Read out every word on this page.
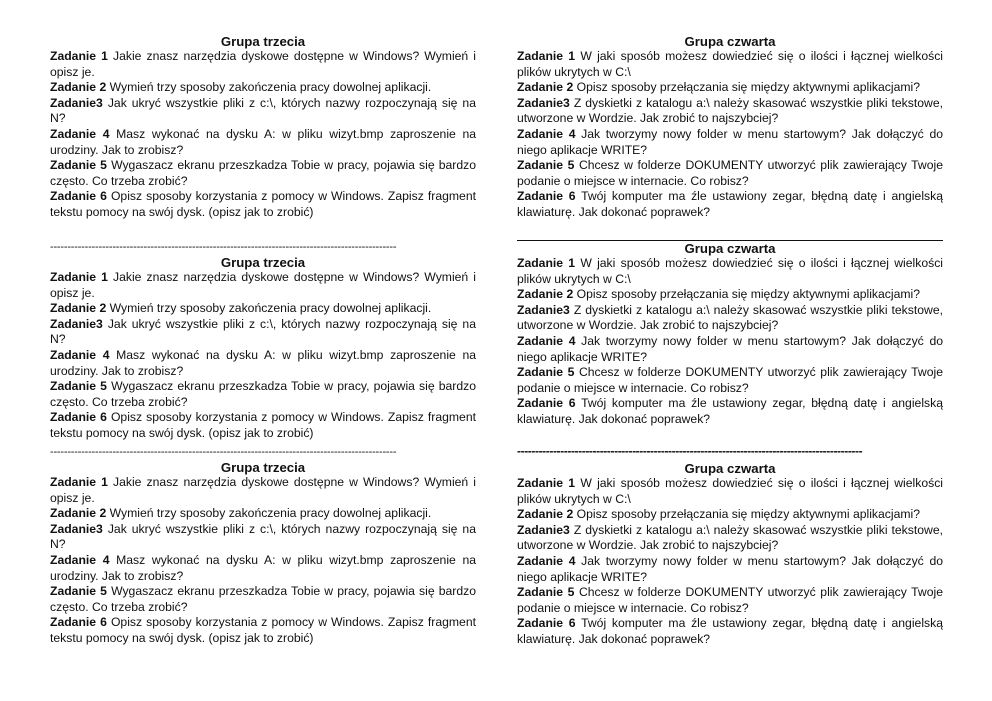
Grupa trzecia

Zadanie 1 Jakie znasz narzędzia dyskowe dostępne w Windows? Wymień i opisz je.

Zadanie 2 Wymień trzy sposoby zakończenia pracy dowolnej aplikacji.

Zadanie3 Jak ukryć wszystkie pliki z c:\, których nazwy rozpoczynają się na N?

Zadanie 4 Masz wykonać na dysku A: w pliku wizyt.bmp zaproszenie na urodziny. Jak to zrobisz?

Zadanie 5 Wygaszacz ekranu przeszkadza Tobie w pracy, pojawia się bardzo często. Co trzeba zrobić?

Zadanie 6 Opisz sposoby korzystania z pomocy w Windows. Zapisz fragment tekstu pomocy na swój dysk. (opisz jak to zrobić)

----------------------------------------------------------------------------------------------------
Grupa trzecia

Zadanie 1 Jakie znasz narzędzia dyskowe dostępne w Windows? Wymień i opisz je.

Zadanie 2 Wymień trzy sposoby zakończenia pracy dowolnej aplikacji.

Zadanie3 Jak ukryć wszystkie pliki z c:\, których nazwy rozpoczynają się na N?

Zadanie 4 Masz wykonać na dysku A: w pliku wizyt.bmp zaproszenie na urodziny. Jak to zrobisz?

Zadanie 5 Wygaszacz ekranu przeszkadza Tobie w pracy, pojawia się bardzo często. Co trzeba zrobić?

Zadanie 6 Opisz sposoby korzystania z pomocy w Windows. Zapisz fragment tekstu pomocy na swój dysk. (opisz jak to zrobić)

----------------------------------------------------------------------------------------------------
Grupa trzecia

Zadanie 1 Jakie znasz narzędzia dyskowe dostępne w Windows? Wymień i opisz je.

Zadanie 2 Wymień trzy sposoby zakończenia pracy dowolnej aplikacji.

Zadanie3 Jak ukryć wszystkie pliki z c:\, których nazwy rozpoczynają się na N?

Zadanie 4 Masz wykonać na dysku A: w pliku wizyt.bmp zaproszenie na urodziny. Jak to zrobisz?

Zadanie 5 Wygaszacz ekranu przeszkadza Tobie w pracy, pojawia się bardzo często. Co trzeba zrobić?

Zadanie 6 Opisz sposoby korzystania z pomocy w Windows. Zapisz fragment tekstu pomocy na swój dysk. (opisz jak to zrobić)

Grupa czwarta

Zadanie 1 W jaki sposób możesz dowiedzieć się o ilości i łącznej wielkości plików ukrytych w C:\

Zadanie 2 Opisz sposoby przełączania się między aktywnymi aplikacjami?

Zadanie3 Z dyskietki z katalogu a:\ należy skasować wszystkie pliki tekstowe, utworzone w Wordzie. Jak zrobić to najszybciej?

Zadanie 4 Jak tworzymy nowy folder w menu startowym? Jak dołączyć do niego aplikacje WRITE?

Zadanie 5 Chcesz w folderze DOKUMENTY utworzyć plik zawierający Twoje podanie o miejsce w internacie. Co robisz?

Zadanie 6 Twój komputer ma źle ustawiony zegar, błędną datę i angielską klawiaturę. Jak dokonać poprawek?

Grupa czwarta

Zadanie 1 W jaki sposób możesz dowiedzieć się o ilości i łącznej wielkości plików ukrytych w C:\

Zadanie 2 Opisz sposoby przełączania się między aktywnymi aplikacjami?

Zadanie3 Z dyskietki z katalogu a:\ należy skasować wszystkie pliki tekstowe, utworzone w Wordzie. Jak zrobić to najszybciej?

Zadanie 4 Jak tworzymy nowy folder w menu startowym? Jak dołączyć do niego aplikacje WRITE?

Zadanie 5 Chcesz w folderze DOKUMENTY utworzyć plik zawierający Twoje podanie o miejsce w internacie. Co robisz?

Zadanie 6 Twój komputer ma źle ustawiony zegar, błędną datę i angielską klawiaturę. Jak dokonać poprawek?

------------------------------------------------------------------------------------------------
Grupa czwarta

Zadanie 1 W jaki sposób możesz dowiedzieć się o ilości i łącznej wielkości plików ukrytych w C:\

Zadanie 2 Opisz sposoby przełączania się między aktywnymi aplikacjami?

Zadanie3 Z dyskietki z katalogu a:\ należy skasować wszystkie pliki tekstowe, utworzone w Wordzie. Jak zrobić to najszybciej?

Zadanie 4 Jak tworzymy nowy folder w menu startowym? Jak dołączyć do niego aplikacje WRITE?

Zadanie 5 Chcesz w folderze DOKUMENTY utworzyć plik zawierający Twoje podanie o miejsce w internacie. Co robisz?

Zadanie 6 Twój komputer ma źle ustawiony zegar, błędną datę i angielską klawiaturę. Jak dokonać poprawek?
